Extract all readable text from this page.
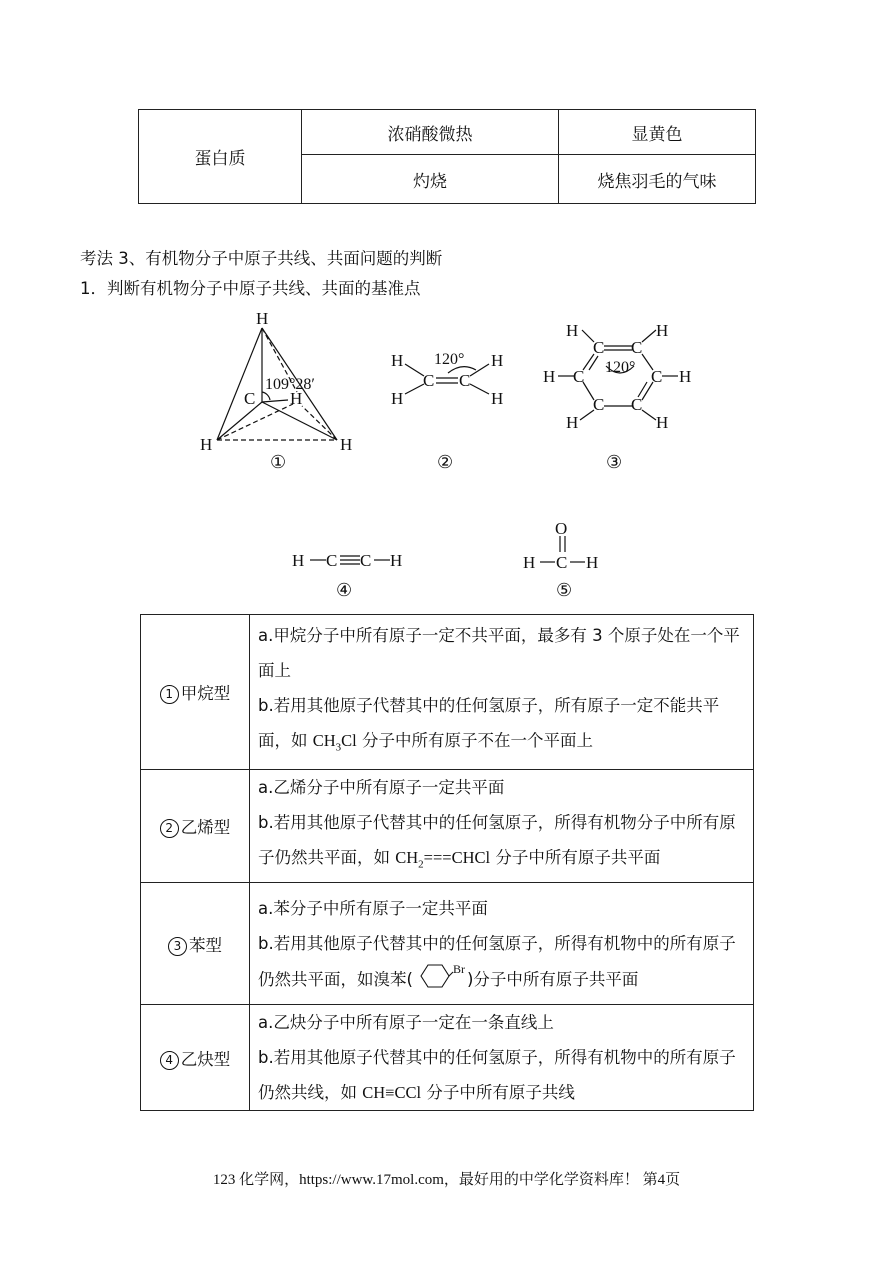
蛋白质	浓硝酸微热	显黄色
	灼烧	烧焦羽毛的气味
考法 3、有机物分子中原子共线、共面问题的判断
1．判断有机物分子中原子共线、共面的基准点
H
C H
H	H
109°28′
①
H
H
C C
H
H
120°
②
H	H
C C
H C	C H
C C
H	H
120°
③
H C C H
④
O
H C H
⑤
1 甲烷型	a.甲烷分子中所有原子一定不共平面，最多有 3 个原子处在一个平面上
b.若用其他原子代替其中的任何氢原子，所有原子一定不能共平面，如 $CH_3Cl$ 分子中所有原子不在一个平面上

2 乙烯型	a.乙烯分子中所有原子一定共平面
b.若用其他原子代替其中的任何氢原子，所得有机物分子中所有原子仍然共平面，如 $CH_2===CHCl$ 分子中所有原子共平面

3 苯型	a.苯分子中所有原子一定共平面
b.若用其他原子代替其中的任何氢原子，所得有机物中的所有原子仍然共平面，如溴苯(
Br
)分子中所有原子共平面

4 乙炔型	a.乙炔分子中所有原子一定在一条直线上
b.若用其他原子代替其中的任何氢原子，所得有机物中的所有原子仍然共线，如 CH≡CCl 分子中所有原子共线
123 化学网，https://www.17mol.com，最好用的中学化学资料库！ 第4页
